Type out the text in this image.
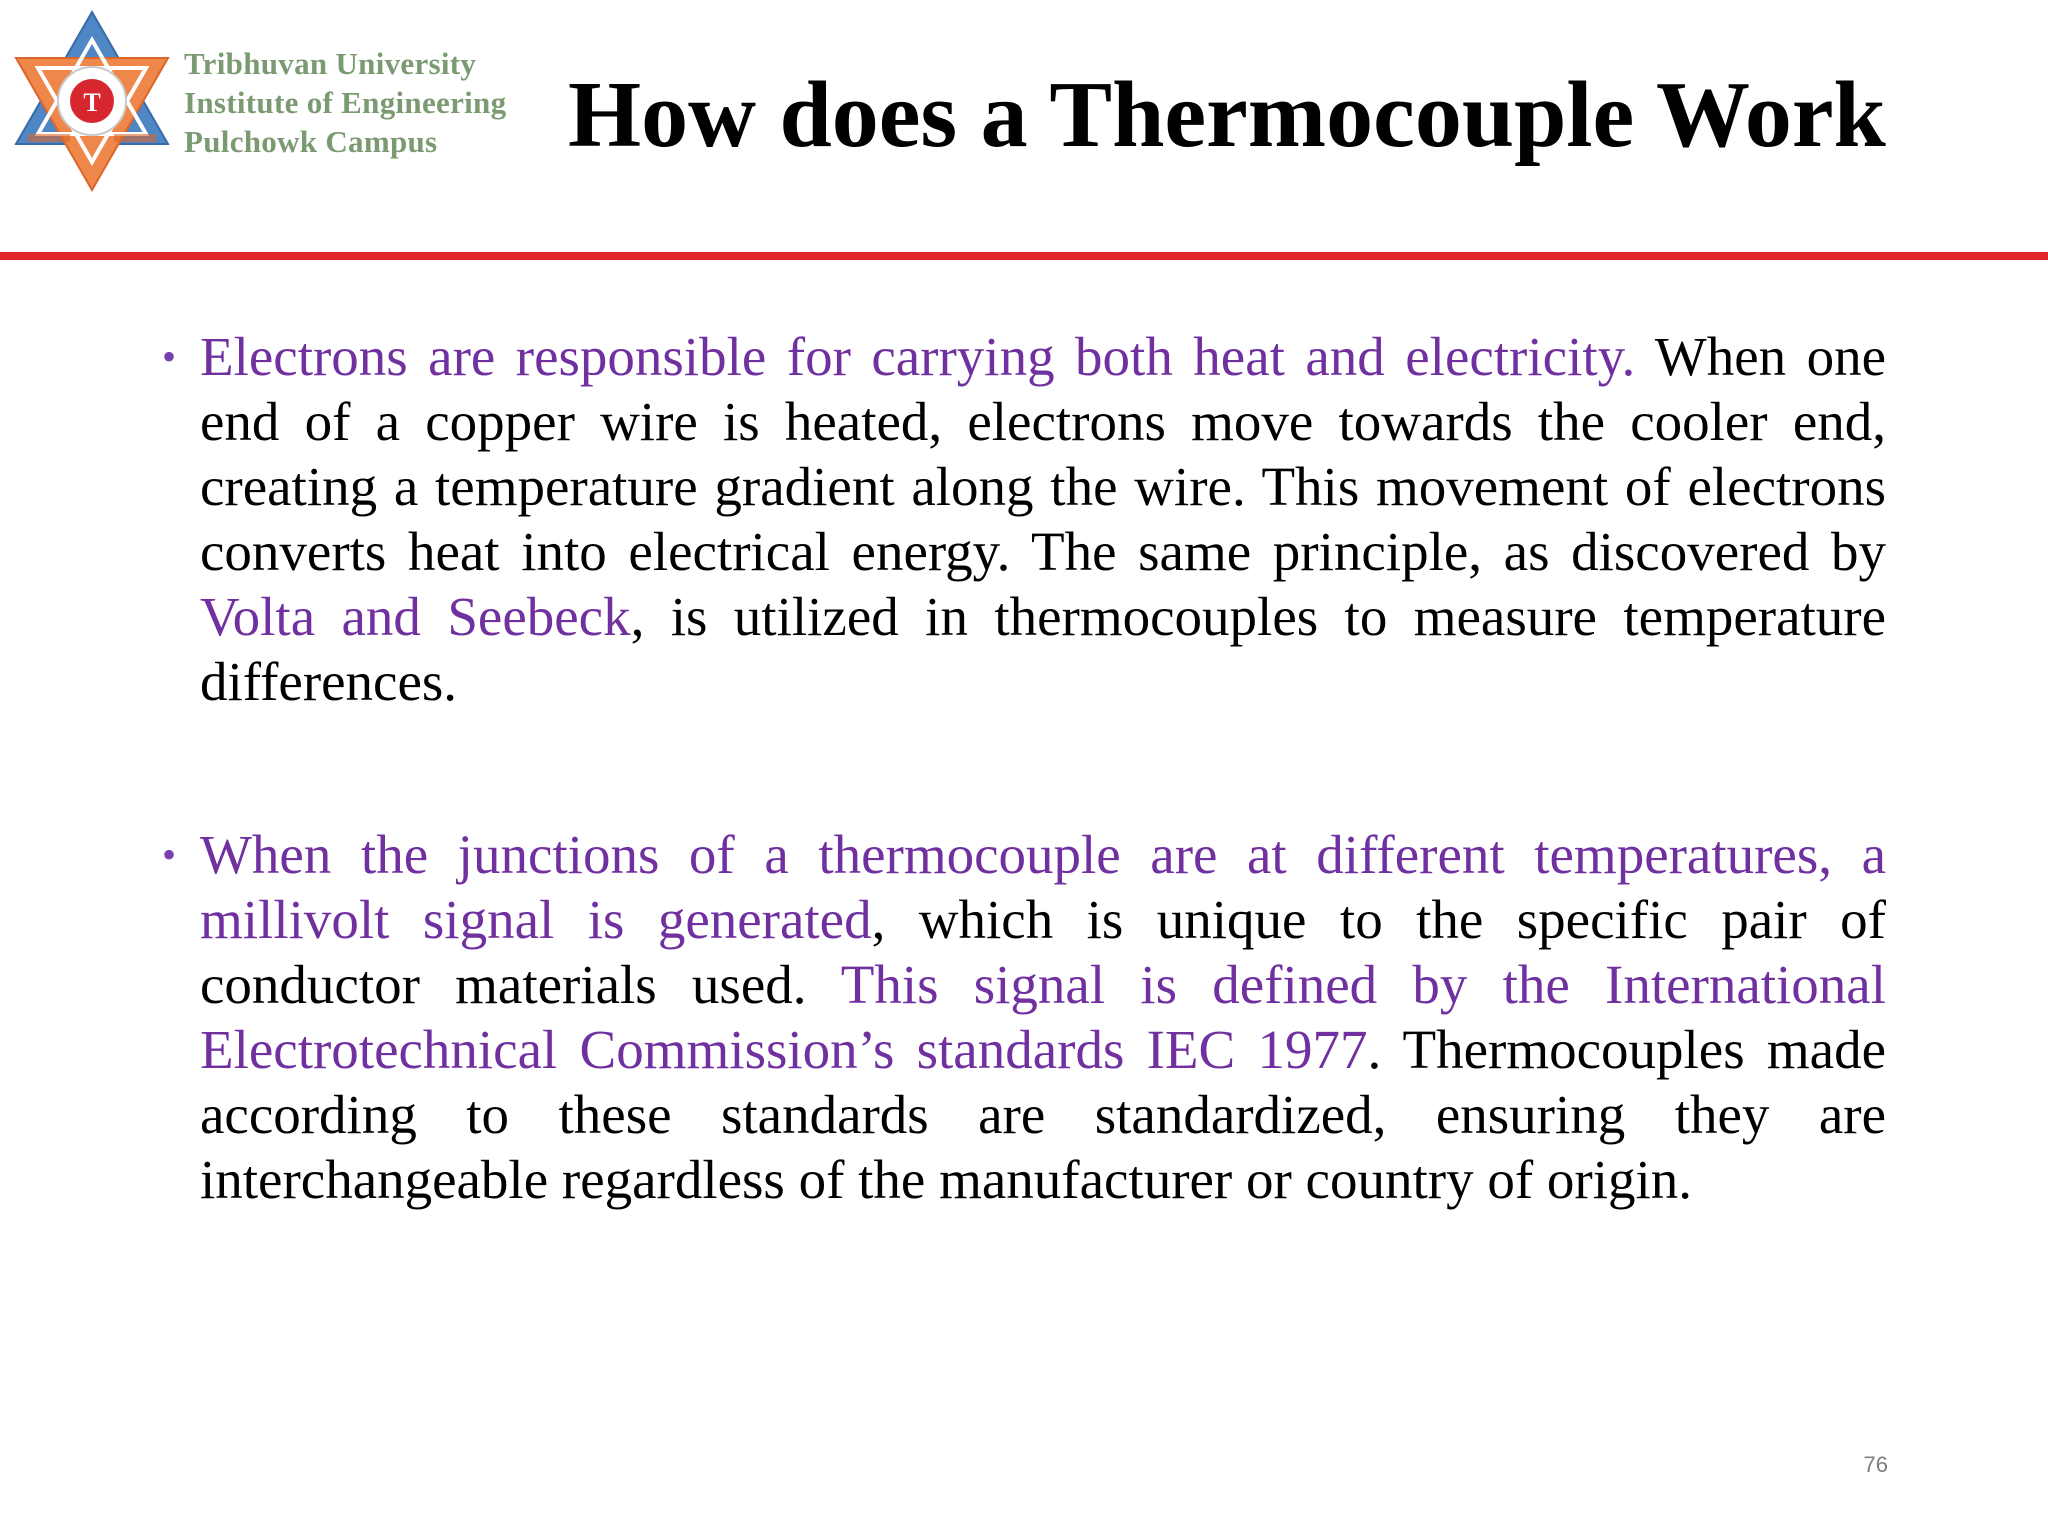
T
Tribhuvan University
Institute of Engineering
Pulchowk Campus	How does a Thermocouple Work
• Electrons are responsible for carrying both heat and electricity. When one end of a copper wire is heated, electrons move towards the cooler end, creating a temperature gradient along the wire. This movement of electrons converts heat into electrical energy. The same principle, as discovered by Volta and Seebeck, is utilized in thermocouples to measure temperature differences.
• When the junctions of a thermocouple are at different temperatures, a millivolt signal is generated, which is unique to the specific pair of conductor materials used. This signal is defined by the International Electrotechnical Commission’s standards IEC 1977. Thermocouples made according to these standards are standardized, ensuring they are interchangeable regardless of the manufacturer or country of origin.
76
